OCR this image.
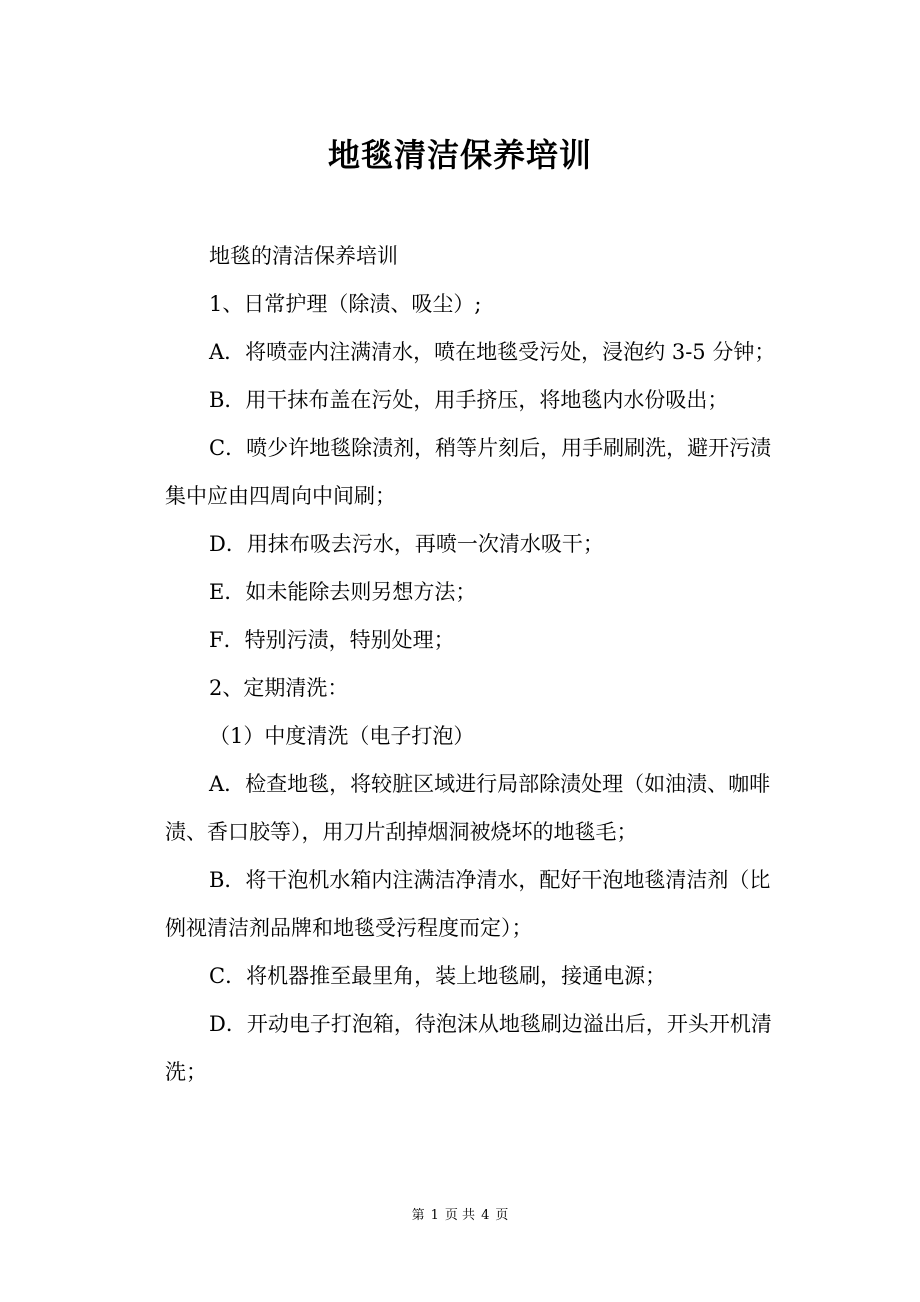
地毯清洁保养培训

地毯的清洁保养培训

1、日常护理（除渍、吸尘）;

A．将喷壶内注满清水，喷在地毯受污处，浸泡约 3-5 分钟；

B．用干抹布盖在污处，用手挤压，将地毯内水份吸出；

C．喷少许地毯除渍剂，稍等片刻后，用手刷刷洗，避开污渍集中应由四周向中间刷；

D．用抹布吸去污水，再喷一次清水吸干；

E．如未能除去则另想方法；

F．特别污渍，特别处理；

2、定期清洗：

（1）中度清洗（电子打泡）

A．检查地毯，将较脏区域进行局部除渍处理（如油渍、咖啡渍、香口胶等），用刀片刮掉烟洞被烧坏的地毯毛；

B．将干泡机水箱内注满洁净清水，配好干泡地毯清洁剂（比例视清洁剂品牌和地毯受污程度而定）；

C．将机器推至最里角，装上地毯刷，接通电源；

D．开动电子打泡箱，待泡沫从地毯刷边溢出后，开头开机清洗；

第 1 页 共 4 页
